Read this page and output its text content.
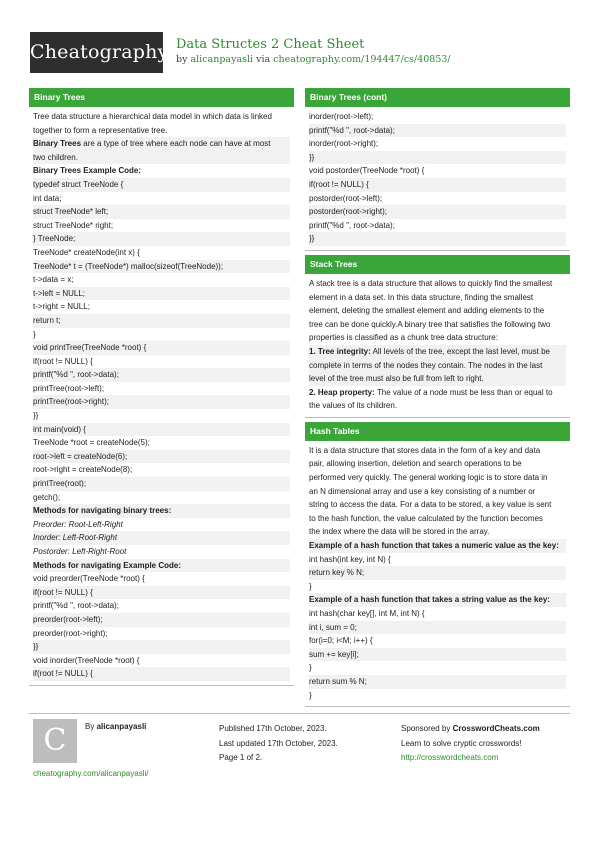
Cheatography Data Structes 2 Cheat Sheet
by alicanpayasli via cheatography.com/194447/cs/40853/
Binary Trees
Tree data structure a hierarchical data model in which data is linked
together to form a representative tree.
Binary Trees are a type of tree where each node can have at most
two children.
Binary Trees Example Code:
typedef struct TreeNode {
int data;
struct TreeNode* left;
struct TreeNode* right;
} TreeNode;
TreeNode* createNode(int x) {
TreeNode* t = (TreeNode*) malloc(sizeof(TreeNode));
t->data = x;
t->left = NULL;
t->right = NULL;
return t;
}
void printTree(TreeNode *root) {
if(root != NULL) {
printf("%d ", root->data);
printTree(root->left);
printTree(root->right);
}}
int main(void) {
TreeNode *root = createNode(5);
root->left = createNode(6);
root->right = createNode(8);
printTree(root);
getch();
Methods for navigating binary trees:
Preorder: Root-Left-Right
Inorder: Left-Root-Right
Postorder: Left-Right-Root
Methods for navigating Example Code:
void preorder(TreeNode *root) {
if(root != NULL) {
printf("%d ", root->data);
preorder(root->left);
preorder(root->right);
}}
void inorder(TreeNode *root) {
if(root != NULL) {
Binary Trees (cont)
inorder(root->left);
printf("%d ", root->data);
inorder(root->right);
}}
void postorder(TreeNode *root) {
if(root != NULL) {
postorder(root->left);
postorder(root->right);
printf("%d ", root->data);
}}
Stack Trees
A stack tree is a data structure that allows to quickly find the smallest
element in a data set. In this data structure, finding the smallest
element, deleting the smallest element and adding elements to the
tree can be done quickly.A binary tree that satisfies the following two
properties is classified as a chunk tree data structure:
1. Tree integrity: All levels of the tree, except the last level, must be
complete in terms of the nodes they contain. The nodes in the last
level of the tree must also be full from left to right.
2. Heap property: The value of a node must be less than or equal to
the values of its children.
Hash Tables
It is a data structure that stores data in the form of a key and data
pair, allowing insertion, deletion and search operations to be
performed very quickly. The general working logic is to store data in
an N dimensional array and use a key consisting of a number or
string to access the data. For a data to be stored, a key value is sent
to the hash function, the value calculated by the function becomes
the index where the data will be stored in the array.
Example of a hash function that takes a numeric value as the key:
int hash(int key, int N) {
return key % N;
}
Example of a hash function that takes a string value as the key:
int hash(char key[], int M, int N) {
int i, sum = 0;
for(i=0; i<M; i++) {
sum += key[i];
}
return sum % N;
}
C	By alicanpayasli
cheatography.com/alicanpayasli/
Published 17th October, 2023.
Last updated 17th October, 2023.
Page 1 of 2.
Sponsored by CrosswordCheats.com
Learn to solve cryptic crosswords!
http://crosswordcheats.com
